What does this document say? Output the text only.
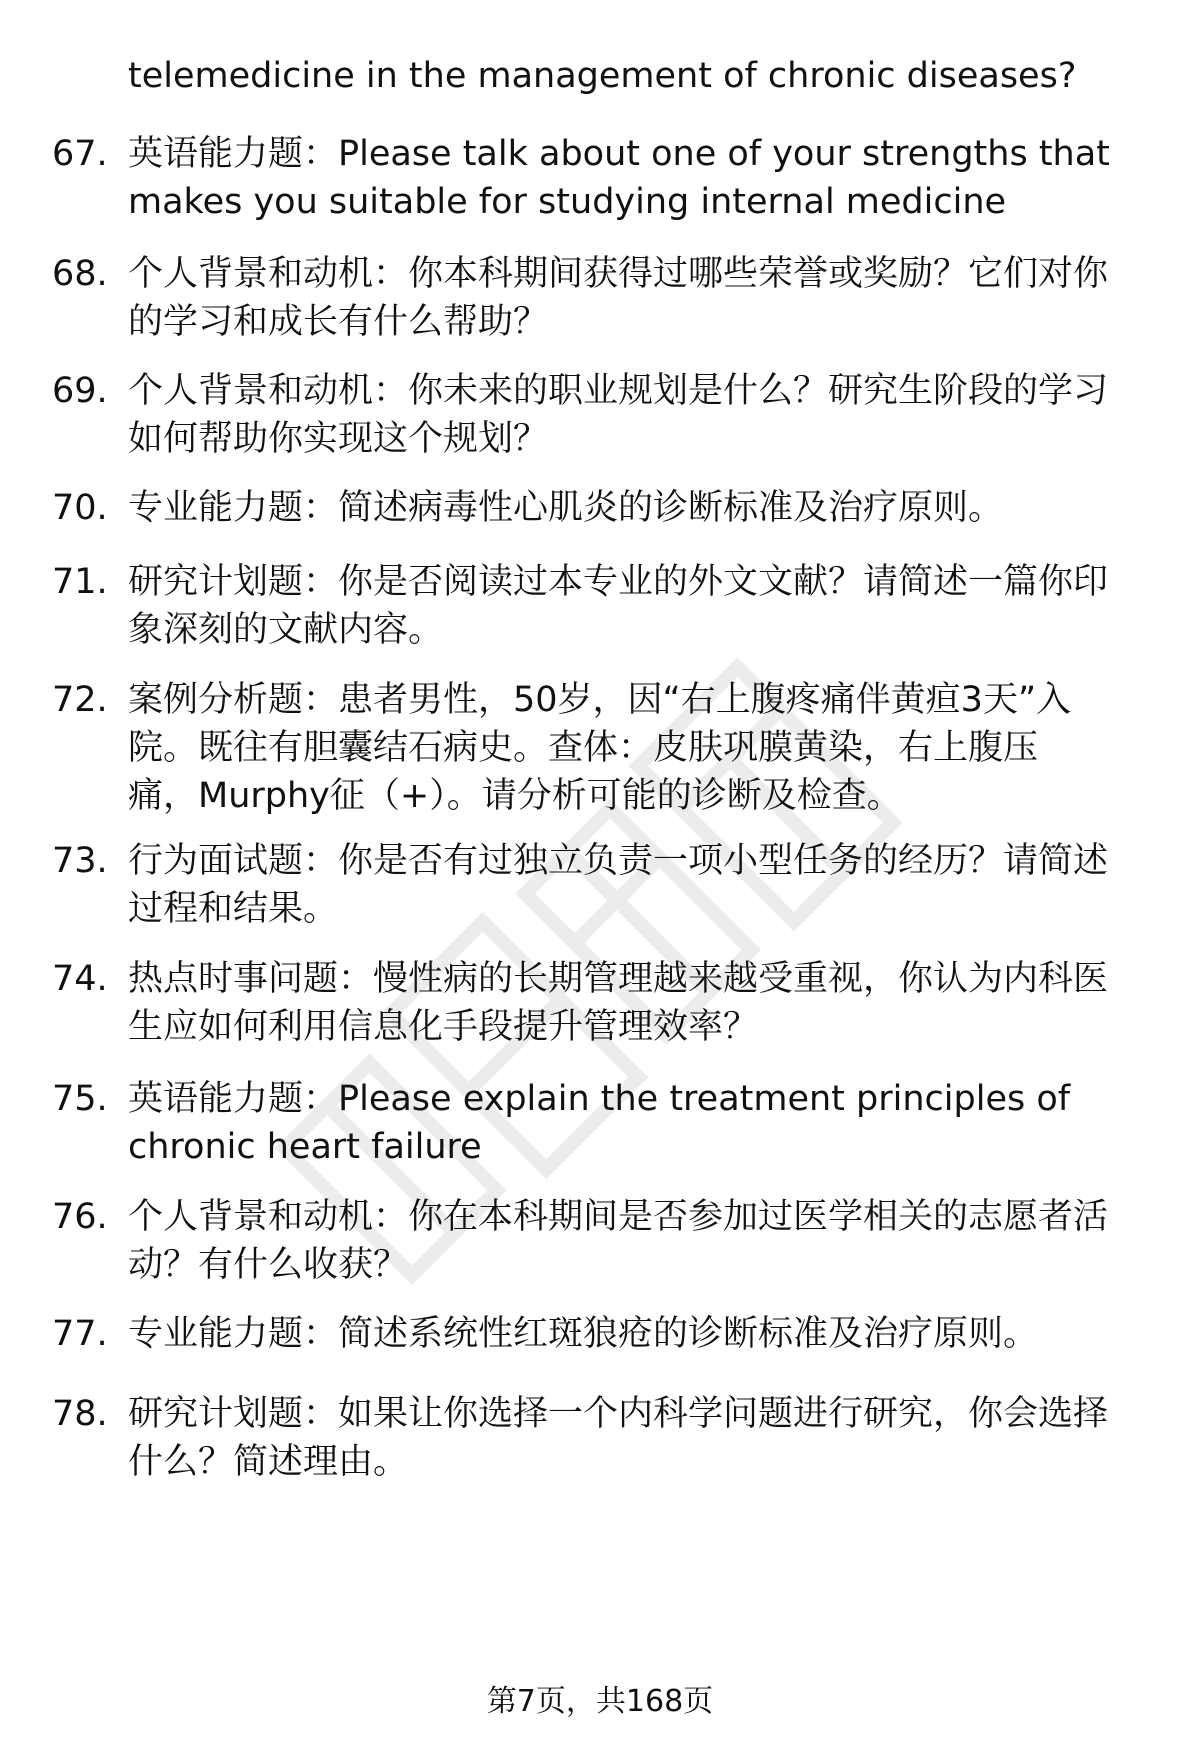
telemedicine in the management of chronic diseases?
67. 英语能力题：Please talk about one of your strengths that
makes you suitable for studying internal medicine
68. 个人背景和动机：你本科期间获得过哪些荣誉或奖励？它们对你
的学习和成长有什么帮助？
69. 个人背景和动机：你未来的职业规划是什么？研究生阶段的学习
如何帮助你实现这个规划？
70. 专业能力题：简述病毒性心肌炎的诊断标准及治疗原则。
71. 研究计划题：你是否阅读过本专业的外文文献？请简述一篇你印
象深刻的文献内容。
72. 案例分析题：患者男性，50岁，因“右上腹疼痛伴黄疸3天”入
院。既往有胆囊结石病史。查体：皮肤巩膜黄染，右上腹压
痛，Murphy征（+）。请分析可能的诊断及检查。
73. 行为面试题：你是否有过独立负责一项小型任务的经历？请简述
过程和结果。
74. 热点时事问题：慢性病的长期管理越来越受重视，你认为内科医
生应如何利用信息化手段提升管理效率？
75. 英语能力题：Please explain the treatment principles of
chronic heart failure
76. 个人背景和动机：你在本科期间是否参加过医学相关的志愿者活
动？有什么收获？
77. 专业能力题：简述系统性红斑狼疮的诊断标准及治疗原则。
78. 研究计划题：如果让你选择一个内科学问题进行研究，你会选择
什么？简述理由。
第7页，共168页
